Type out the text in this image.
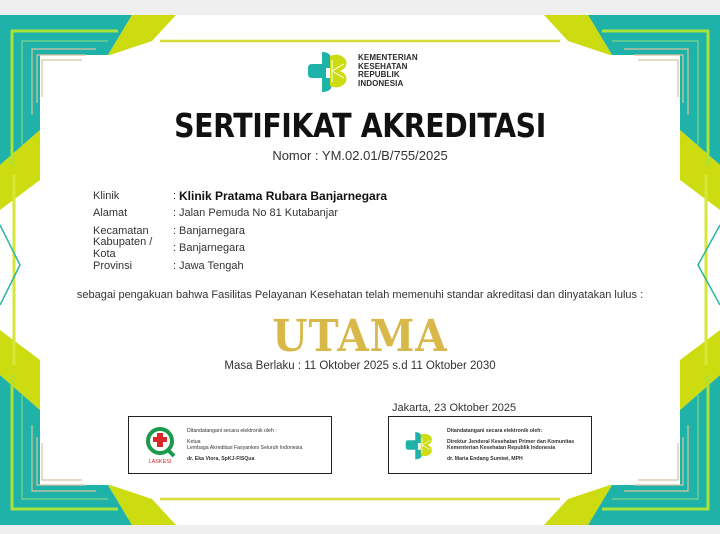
KEMENTERIAN
KESEHATAN
REPUBLIK
INDONESIA
SERTIFIKAT AKREDITASI
Nomor : YM.02.01/B/755/2025
Klinik	: Klinik Pratama Rubara Banjarnegara
Alamat	: Jalan Pemuda No 81 Kutabanjar
Kecamatan	: Banjarnegara
Kabupaten / Kota	: Banjarnegara
Provinsi	: Jawa Tengah
sebagai pengakuan bahwa Fasilitas Pelayanan Kesehatan telah memenuhi standar akreditasi dan dinyatakan lulus :
UTAMA
Masa Berlaku : 11 Oktober 2025 s.d 11 Oktober 2030
Jakarta, 23 Oktober 2025
LASKESI
Ditandatangani secara elektronik oleh :
Ketua
Lembaga Akreditasi Fasyankes Seluruh Indonesia
dr. Eka Viora, SpKJ-FISQua
Ditandatangani secara elektronik oleh:
Direktur Jenderal Kesehatan Primer dan Komunitas
Kementerian Kesehatan Republik Indonesia
dr. Maria Endang Sumiwi, MPH
